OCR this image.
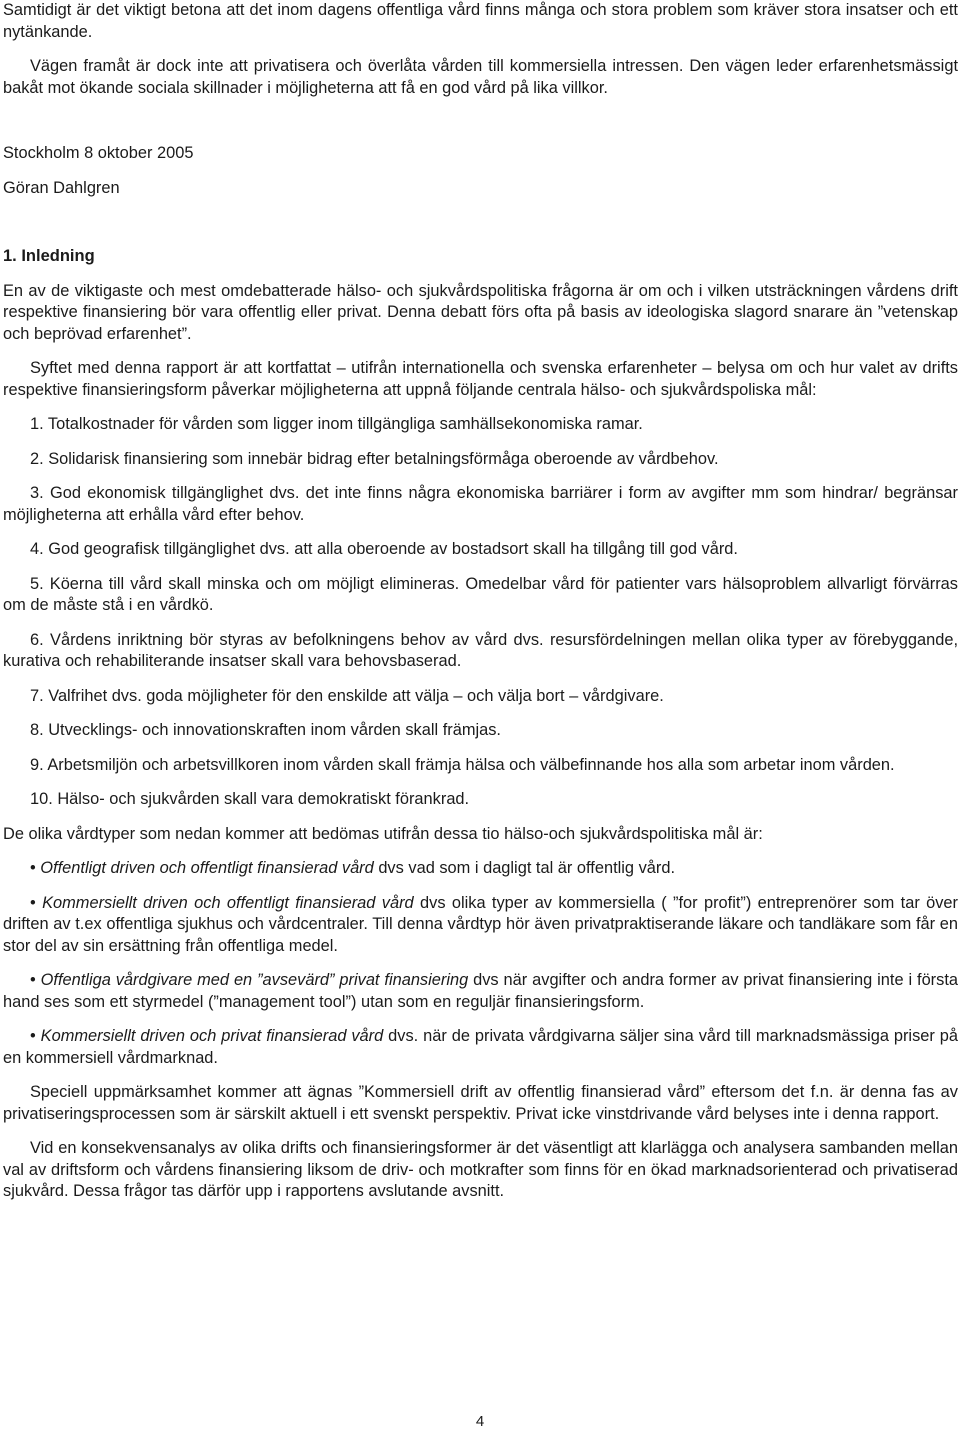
Samtidigt är det viktigt betona att det inom dagens offentliga vård finns många och stora problem som kräver stora insatser och ett nytänkande.

Vägen framåt är dock inte att privatisera och överlåta vården till kommersiella intressen. Den vägen leder erfarenhetsmässigt bakåt mot ökande sociala skillnader i möjligheterna att få en god vård på lika villkor.

Stockholm 8 oktober 2005

Göran Dahlgren

1. Inledning

En av de viktigaste och mest omdebatterade hälso- och sjukvårdspolitiska frågorna är om och i vilken utsträckningen vårdens drift respektive finansiering bör vara offentlig eller privat. Denna debatt förs ofta på basis av ideologiska slagord snarare än ”vetenskap och beprövad erfarenhet”.

Syftet med denna rapport är att kortfattat – utifrån internationella och svenska erfarenheter – belysa om och hur valet av drifts respektive finansieringsform påverkar möjligheterna att uppnå följande centrala hälso- och sjukvårdspoliska mål:

1. Totalkostnader för vården som ligger inom tillgängliga samhällsekonomiska ramar.

2. Solidarisk finansiering som innebär bidrag efter betalningsförmåga oberoende av vårdbehov.

3. God ekonomisk tillgänglighet dvs. det inte finns några ekonomiska barriärer i form av avgifter mm som hindrar/ begränsar möjligheterna att erhålla vård efter behov.

4. God geografisk tillgänglighet dvs. att alla oberoende av bostadsort skall ha tillgång till god vård.

5. Köerna till vård skall minska och om möjligt elimineras. Omedelbar vård för patienter vars hälsoproblem allvarligt förvärras om de måste stå i en vårdkö.

6. Vårdens inriktning bör styras av befolkningens behov av vård dvs. resursfördelningen mellan olika typer av förebyggande, kurativa och rehabiliterande insatser skall vara behovsbaserad.

7. Valfrihet dvs. goda möjligheter för den enskilde att välja – och välja bort – vårdgivare.

8. Utvecklings- och innovationskraften inom vården skall främjas.

9. Arbetsmiljön och arbetsvillkoren inom vården skall främja hälsa och välbefinnande hos alla som arbetar inom vården.

10. Hälso- och sjukvården skall vara demokratiskt förankrad.

De olika vårdtyper som nedan kommer att bedömas utifrån dessa tio hälso-och sjukvårdspolitiska mål är:

• Offentligt driven och offentligt finansierad vård dvs vad som i dagligt tal är offentlig vård.

• Kommersiellt driven och offentligt finansierad vård dvs olika typer av kommersiella ( ”for profit”) entreprenörer som tar över driften av t.ex offentliga sjukhus och vårdcentraler. Till denna vårdtyp hör även privatpraktiserande läkare och tandläkare som får en stor del av sin ersättning från offentliga medel.

• Offentliga vårdgivare med en ”avsevärd” privat finansiering dvs när avgifter och andra former av privat finansiering inte i första hand ses som ett styrmedel (”management tool”) utan som en reguljär finansieringsform.

• Kommersiellt driven och privat finansierad vård dvs. när de privata vårdgivarna säljer sina vård till marknadsmässiga priser på en kommersiell vårdmarknad.

Speciell uppmärksamhet kommer att ägnas ”Kommersiell drift av offentlig finansierad vård” eftersom det f.n. är denna fas av privatiseringsprocessen som är särskilt aktuell i ett svenskt perspektiv. Privat icke vinstdrivande vård belyses inte i denna rapport.

Vid en konsekvensanalys av olika drifts och finansieringsformer är det väsentligt att klarlägga och analysera sambanden mellan val av driftsform och vårdens finansiering liksom de driv- och motkrafter som finns för en ökad marknadsorienterad och privatiserad sjukvård. Dessa frågor tas därför upp i rapportens avslutande avsnitt.

4
